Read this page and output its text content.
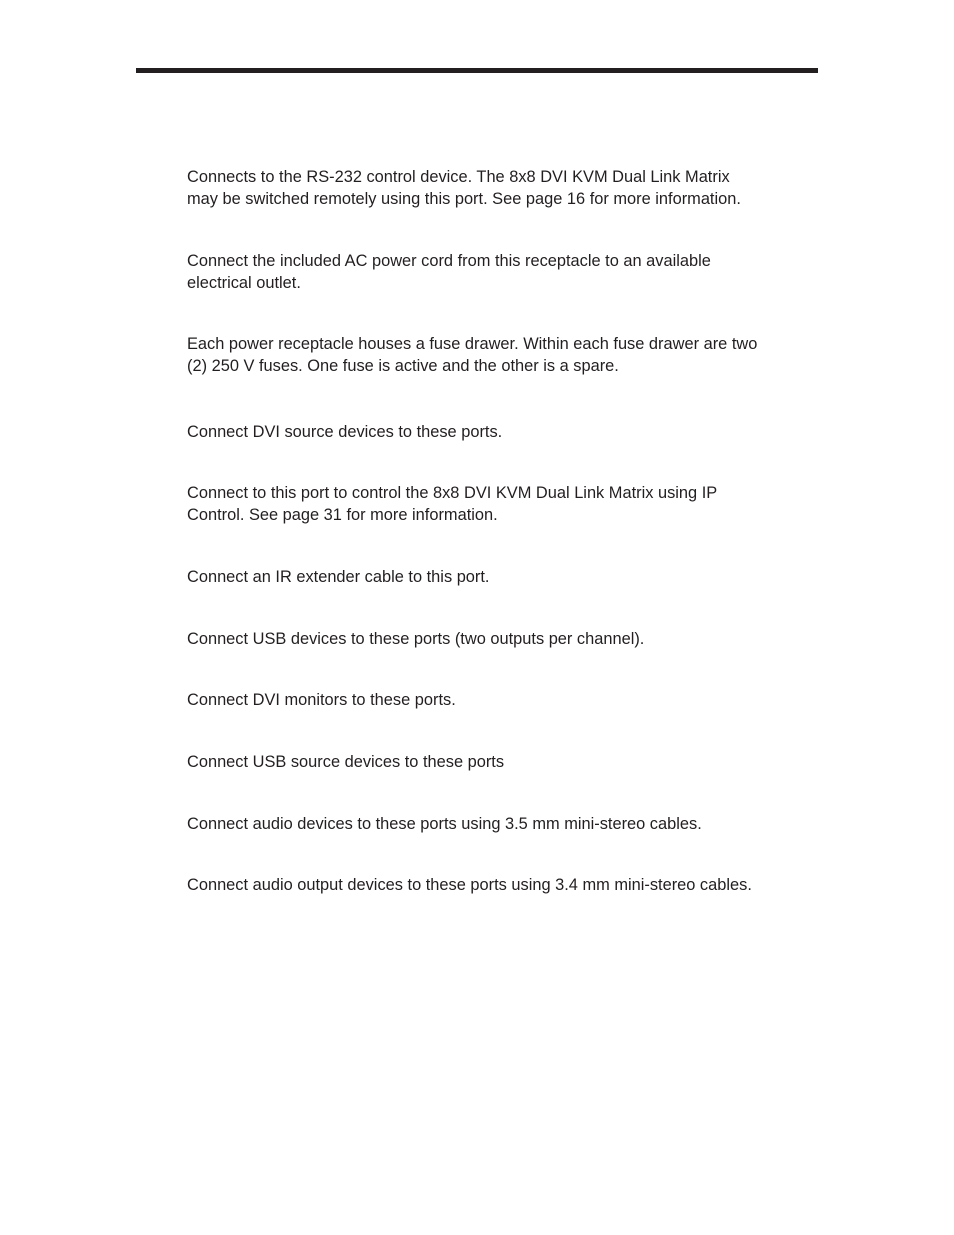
Connects to the RS-232 control device. The 8x8 DVI KVM Dual Link Matrix
may be switched remotely using this port. See page 16 for more information.

Connect the included AC power cord from this receptacle to an available
electrical outlet.

Each power receptacle houses a fuse drawer. Within each fuse drawer are two
(2) 250 V fuses. One fuse is active and the other is a spare.

Connect DVI source devices to these ports.

Connect to this port to control the 8x8 DVI KVM Dual Link Matrix using IP
Control. See page 31 for more information.

Connect an IR extender cable to this port.

Connect USB devices to these ports (two outputs per channel).

Connect DVI monitors to these ports.

Connect USB source devices to these ports

Connect audio devices to these ports using 3.5 mm mini-stereo cables.

Connect audio output devices to these ports using 3.4 mm mini-stereo cables.
